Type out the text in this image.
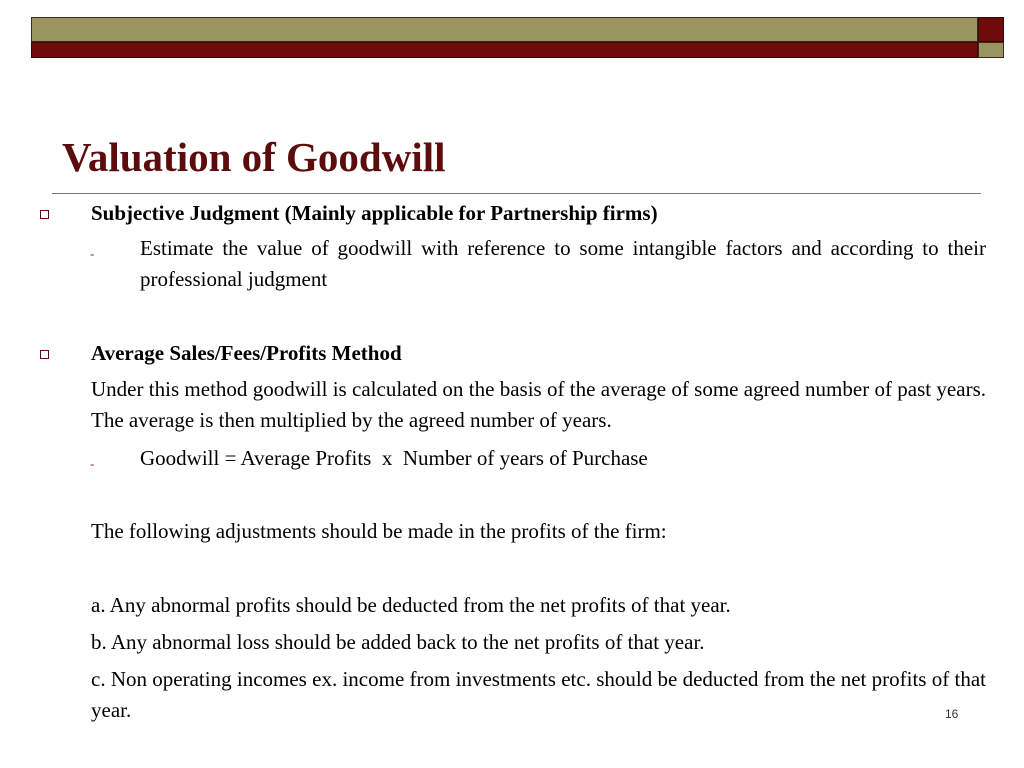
Valuation of Goodwill
Subjective Judgment (Mainly applicable for Partnership firms)
- Estimate the value of goodwill with reference to some intangible factors and according to their professional judgment
Average Sales/Fees/Profits Method
Under this method goodwill is calculated on the basis of the average of some agreed number of past years. The average is then multiplied by the agreed number of years.
- Goodwill = Average Profits  x  Number of years of Purchase
The following adjustments should be made in the profits of the firm:
a. Any abnormal profits should be deducted from the net profits of that year.
b. Any abnormal loss should be added back to the net profits of that year.
c. Non operating incomes ex. income from investments etc. should be deducted from the net profits of that year.	16
